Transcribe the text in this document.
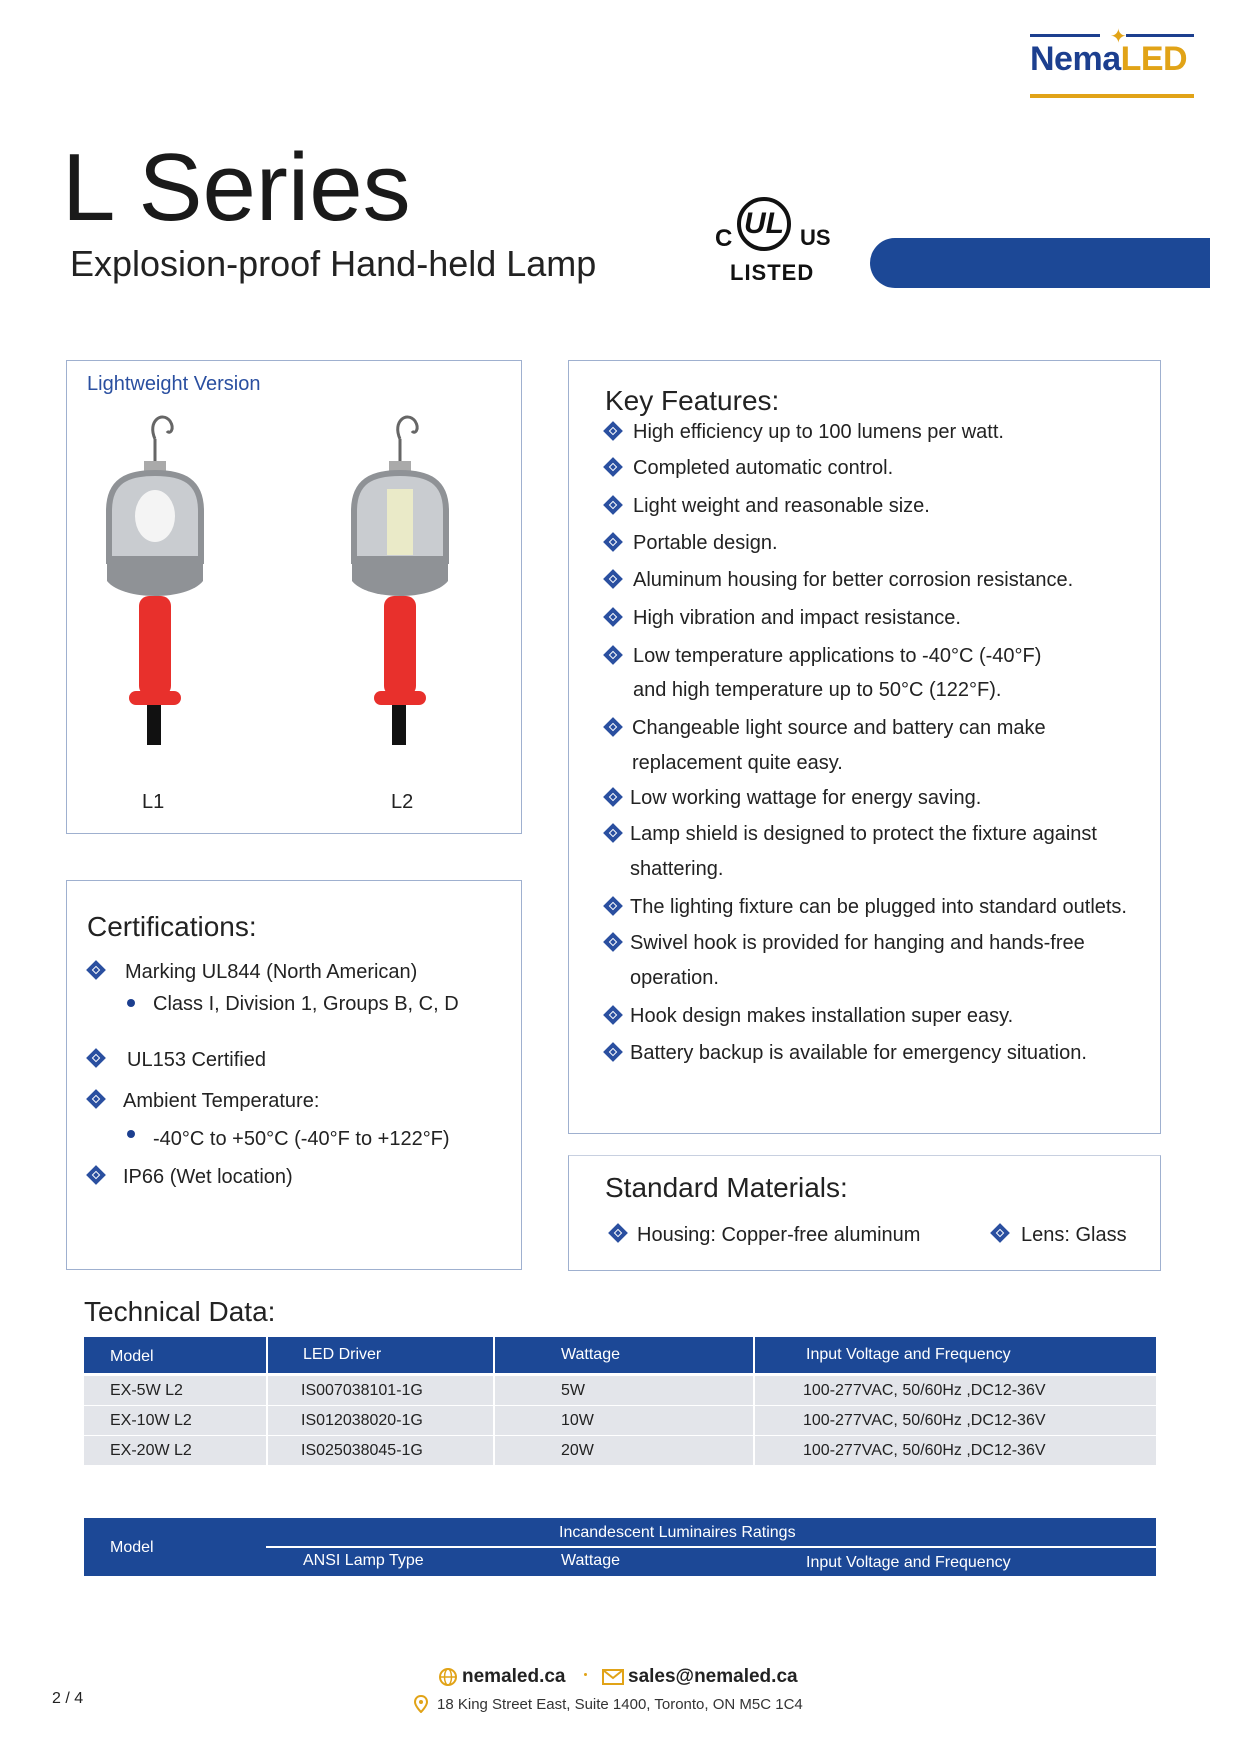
✦
NemaLED
L Series
Explosion-proof Hand-held Lamp
C UL US
LISTED
Lightweight Version
L1	L2
Key Features:
High efficiency up to 100 lumens per watt.
Completed automatic control.
Light weight and reasonable size.
Portable design.
Aluminum housing for better corrosion resistance.
High vibration and impact resistance.
Low temperature applications to -40°C (-40°F)
and high temperature up to 50°C (122°F).
Changeable light source and battery can make
replacement quite easy.
Low working wattage for energy saving.
Lamp shield is designed to protect the fixture against
shattering.
The lighting fixture can be plugged into standard outlets.
Swivel hook is provided for hanging and hands-free
operation.
Hook design makes installation super easy.
Battery backup is available for emergency situation.
Certifications:
Marking UL844 (North American)
Class I, Division 1, Groups B, C, D
UL153 Certified
Ambient Temperature:
-40°C to +50°C (-40°F to +122°F)
IP66 (Wet location)	Standard Materials:
Housing: Copper-free aluminum	Lens: Glass
Technical Data:
Model	LED Driver	Wattage	Input Voltage and Frequency
EX-5W L2	IS007038101-1G	5W	100-277VAC, 50/60Hz ,DC12-36V
EX-10W L2	IS012038020-1G	10W	100-277VAC, 50/60Hz ,DC12-36V
EX-20W L2	IS025038045-1G	20W	100-277VAC, 50/60Hz ,DC12-36V
Model
Incandescent Luminaires Ratings
ANSI Lamp Type	Wattage	Input Voltage and Frequency
nemaled.ca	sales@nemaled.ca
18 King Street East, Suite 1400, Toronto, ON M5C 1C4
2 / 4
